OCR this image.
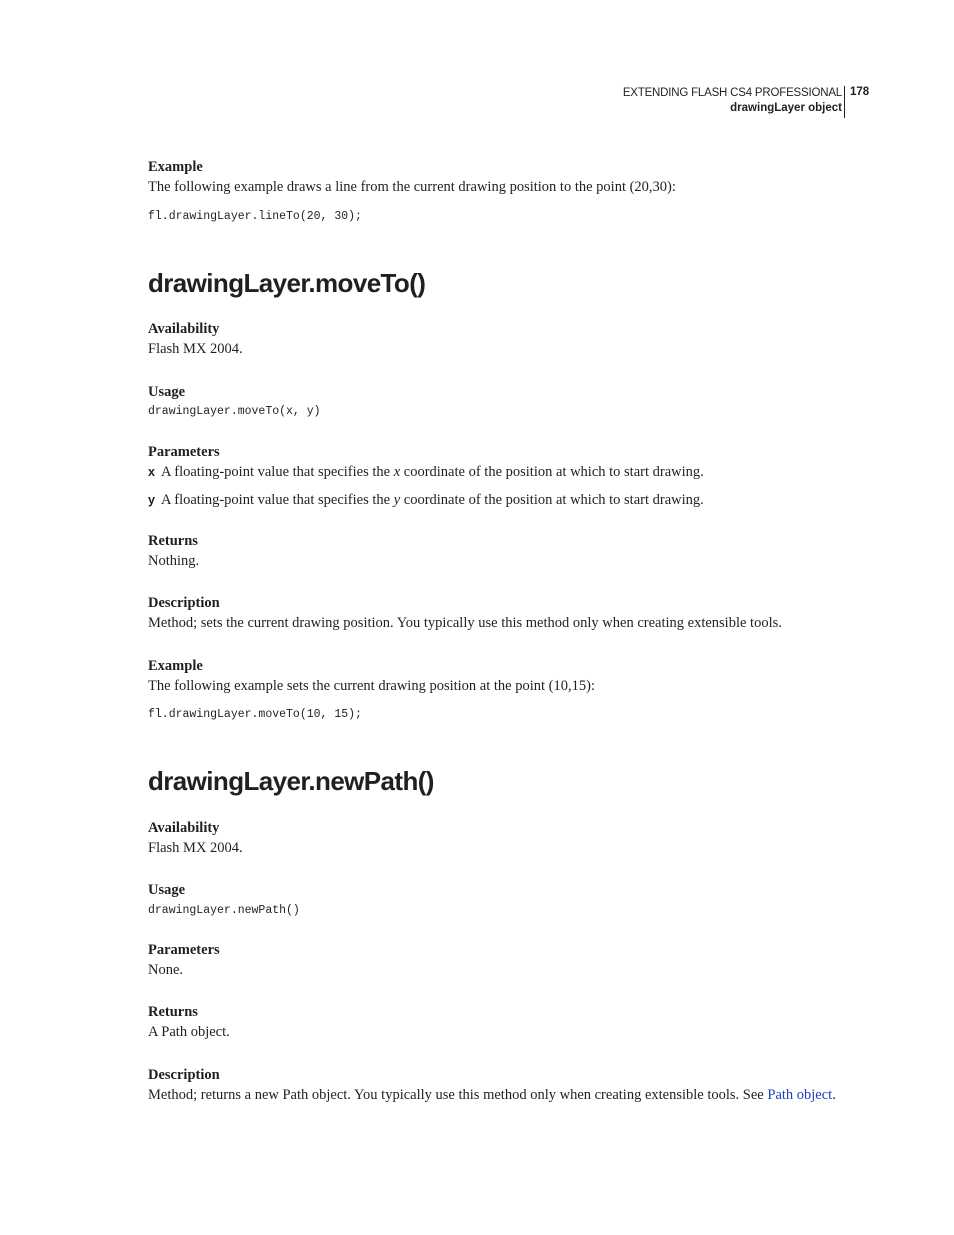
EXTENDING FLASH CS4 PROFESSIONAL
drawingLayer object
178
Example
The following example draws a line from the current drawing position to the point (20,30):
fl.drawingLayer.lineTo(20, 30);
drawingLayer.moveTo()
Availability
Flash MX 2004.
Usage
drawingLayer.moveTo(x, y)
Parameters
x A floating-point value that specifies the x coordinate of the position at which to start drawing.
y A floating-point value that specifies the y coordinate of the position at which to start drawing.
Returns
Nothing.
Description
Method; sets the current drawing position. You typically use this method only when creating extensible tools.
Example
The following example sets the current drawing position at the point (10,15):
fl.drawingLayer.moveTo(10, 15);
drawingLayer.newPath()
Availability
Flash MX 2004.
Usage
drawingLayer.newPath()
Parameters
None.
Returns
A Path object.
Description
Method; returns a new Path object. You typically use this method only when creating extensible tools. See Path object.
